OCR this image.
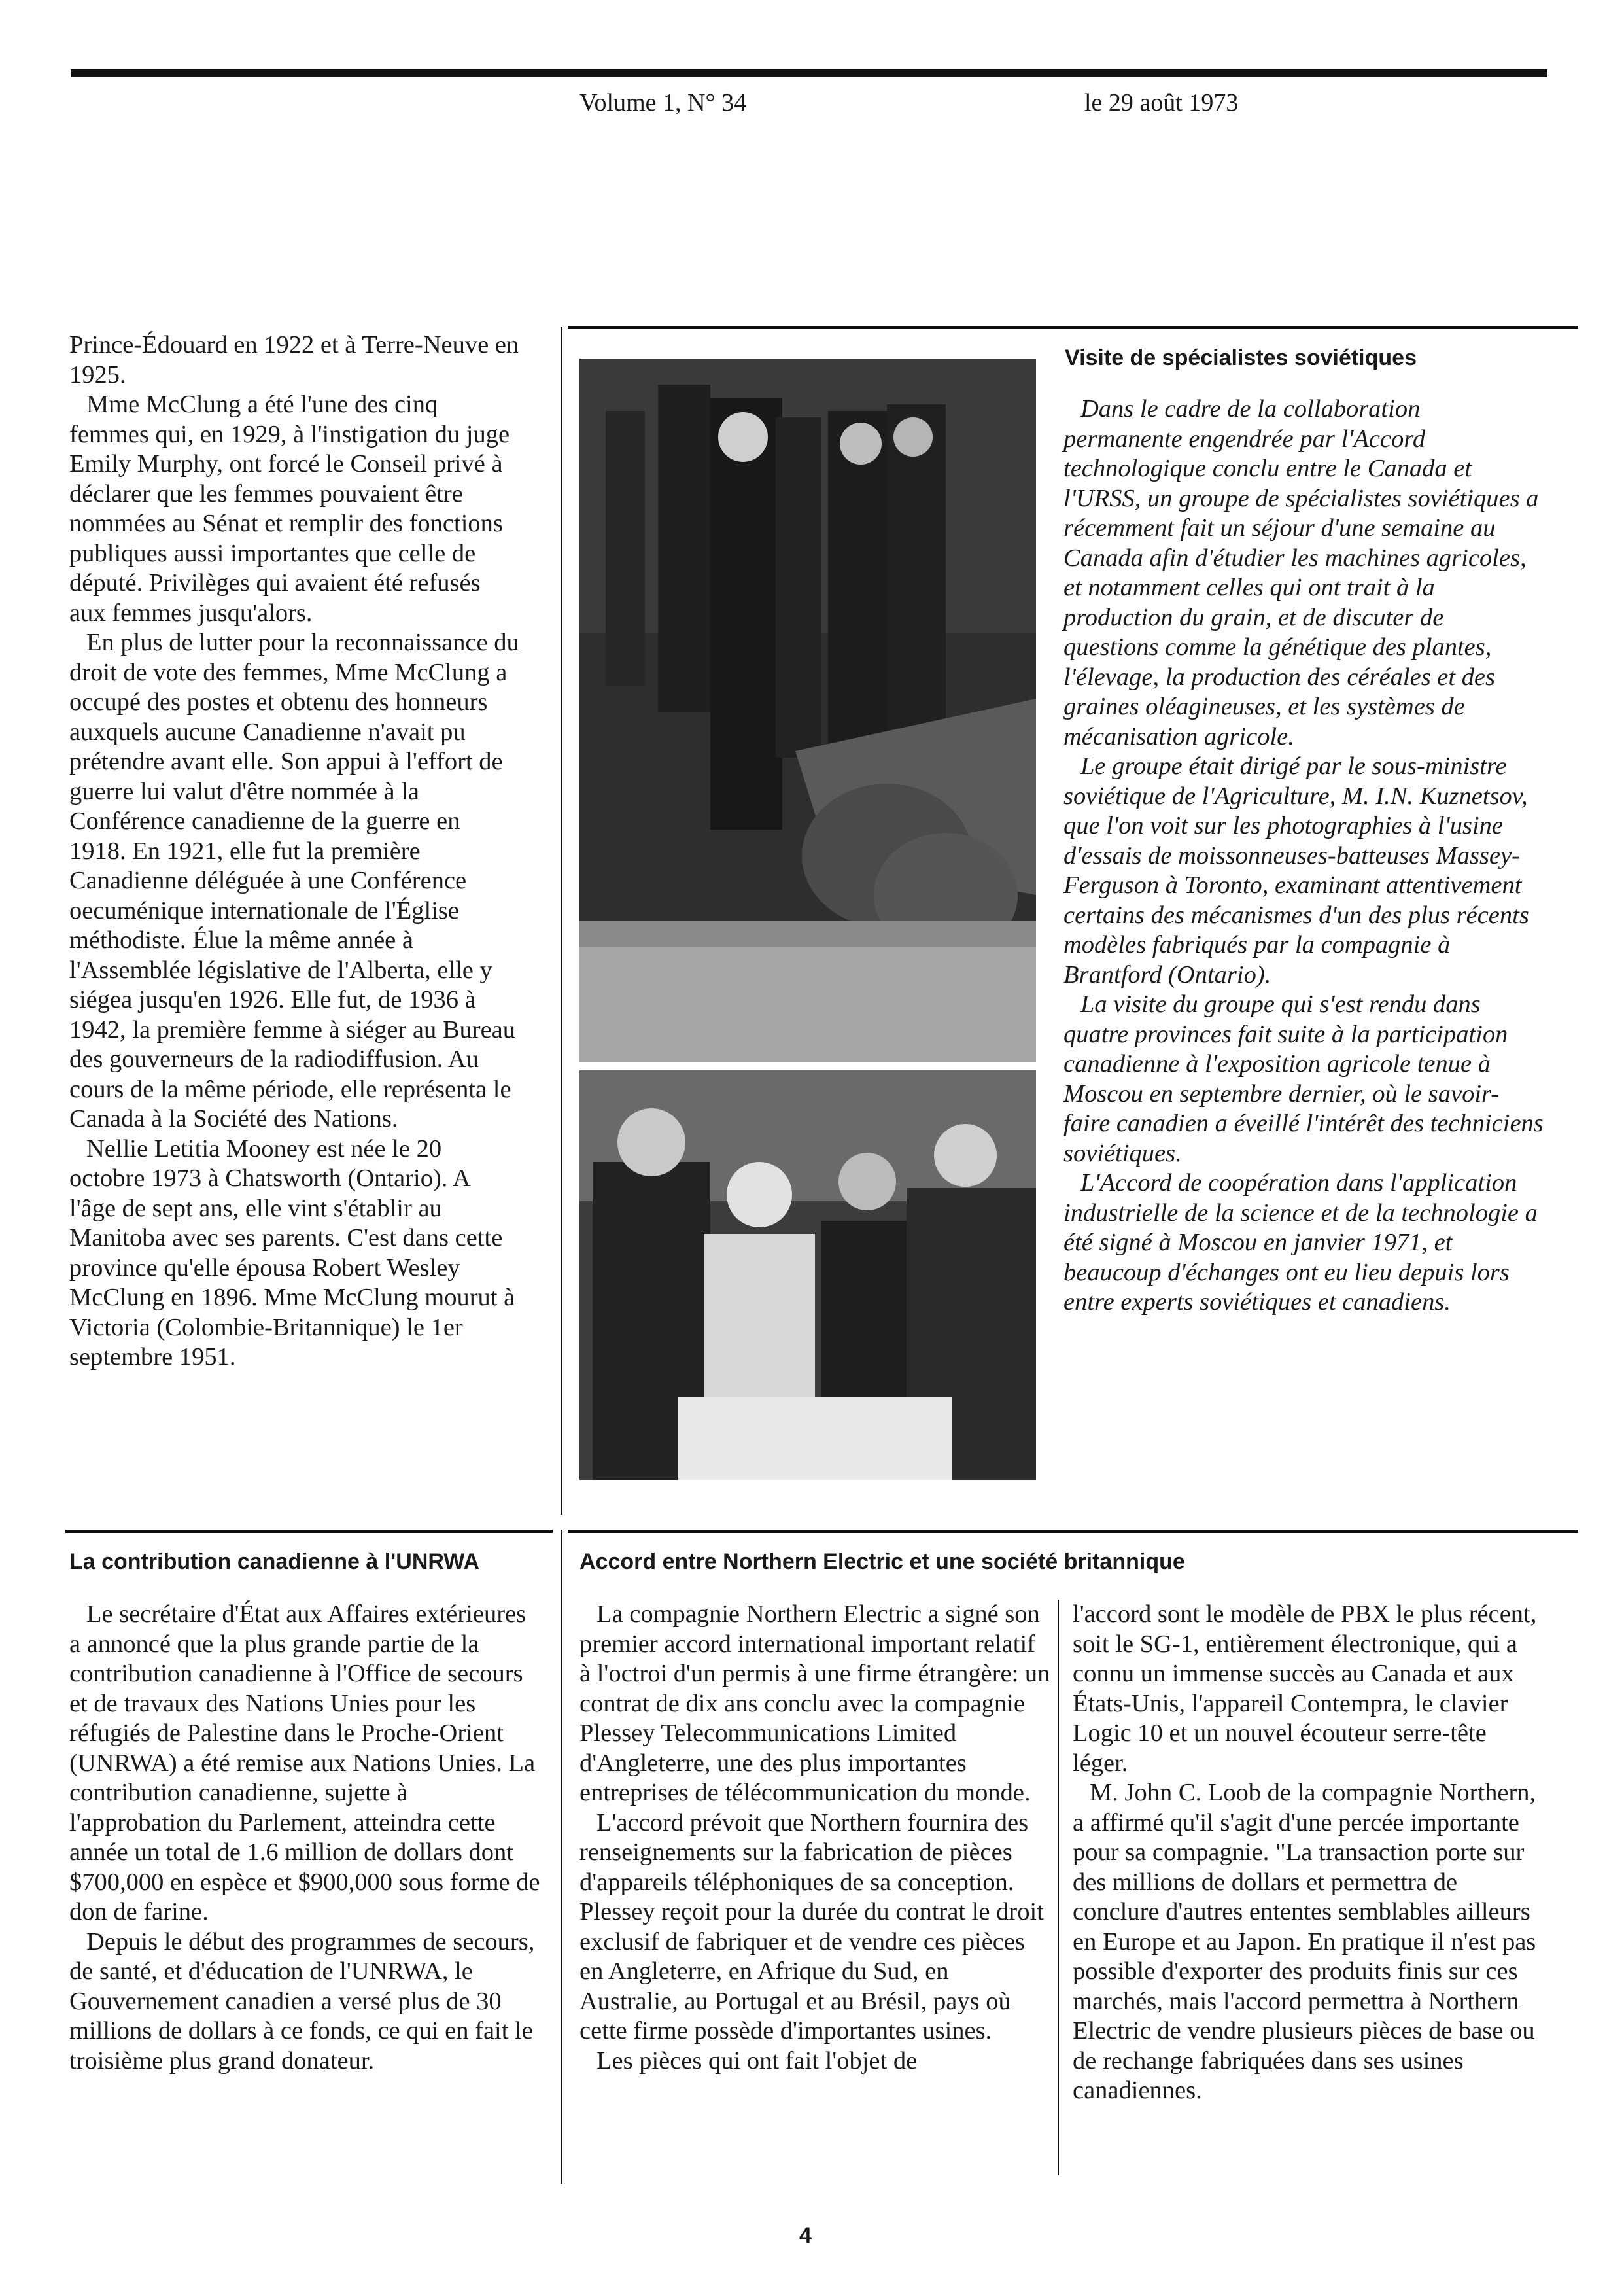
Volume 1, N° 34	le 29 août 1973

Prince-Édouard en 1922 et à Terre-Neuve en 1925.

Mme McClung a été l'une des cinq femmes qui, en 1929, à l'instigation du juge Emily Murphy, ont forcé le Conseil privé à déclarer que les femmes pouvaient être nommées au Sénat et remplir des fonctions publiques aussi importantes que celle de député. Privilèges qui avaient été refusés aux femmes jusqu'alors.

En plus de lutter pour la reconnaissance du droit de vote des femmes, Mme McClung a occupé des postes et obtenu des honneurs auxquels aucune Canadienne n'avait pu prétendre avant elle. Son appui à l'effort de guerre lui valut d'être nommée à la Conférence canadienne de la guerre en 1918. En 1921, elle fut la première Canadienne déléguée à une Conférence oecuménique internationale de l'Église méthodiste. Élue la même année à l'Assemblée législative de l'Alberta, elle y siégea jusqu'en 1926. Elle fut, de 1936 à 1942, la première femme à siéger au Bureau des gouverneurs de la radiodiffusion. Au cours de la même période, elle représenta le Canada à la Société des Nations.

Nellie Letitia Mooney est née le 20 octobre 1973 à Chatsworth (Ontario). A l'âge de sept ans, elle vint s'établir au Manitoba avec ses parents. C'est dans cette province qu'elle épousa Robert Wesley McClung en 1896. Mme McClung mourut à Victoria (Colombie-Britannique) le 1er septembre 1951.

Visite de spécialistes soviétiques

Dans le cadre de la collaboration permanente engendrée par l'Accord technologique conclu entre le Canada et l'URSS, un groupe de spécialistes soviétiques a récemment fait un séjour d'une semaine au Canada afin d'étudier les machines agricoles, et notamment celles qui ont trait à la production du grain, et de discuter de questions comme la génétique des plantes, l'élevage, la production des céréales et des graines oléagineuses, et les systèmes de mécanisation agricole.

Le groupe était dirigé par le sous-ministre soviétique de l'Agriculture, M. I.N. Kuznetsov, que l'on voit sur les photographies à l'usine d'essais de moissonneuses-batteuses Massey-Ferguson à Toronto, examinant attentivement certains des mécanismes d'un des plus récents modèles fabriqués par la compagnie à Brantford (Ontario).

La visite du groupe qui s'est rendu dans quatre provinces fait suite à la participation canadienne à l'exposition agricole tenue à Moscou en septembre dernier, où le savoir-faire canadien a éveillé l'intérêt des techniciens soviétiques.

L'Accord de coopération dans l'application industrielle de la science et de la technologie a été signé à Moscou en janvier 1971, et beaucoup d'échanges ont eu lieu depuis lors entre experts soviétiques et canadiens.

La contribution canadienne à l'UNRWA

Le secrétaire d'État aux Affaires extérieures a annoncé que la plus grande partie de la contribution canadienne à l'Office de secours et de travaux des Nations Unies pour les réfugiés de Palestine dans le Proche-Orient (UNRWA) a été remise aux Nations Unies. La contribution canadienne, sujette à l'approbation du Parlement, atteindra cette année un total de 1.6 million de dollars dont $700,000 en espèce et $900,000 sous forme de don de farine.

Depuis le début des programmes de secours, de santé, et d'éducation de l'UNRWA, le Gouvernement canadien a versé plus de 30 millions de dollars à ce fonds, ce qui en fait le troisième plus grand donateur.

Accord entre Northern Electric et une société britannique

La compagnie Northern Electric a signé son premier accord international important relatif à l'octroi d'un permis à une firme étrangère: un contrat de dix ans conclu avec la compagnie Plessey Telecommunications Limited d'Angleterre, une des plus importantes entreprises de télécommunication du monde.

L'accord prévoit que Northern fournira des renseignements sur la fabrication de pièces d'appareils téléphoniques de sa conception. Plessey reçoit pour la durée du contrat le droit exclusif de fabriquer et de vendre ces pièces en Angleterre, en Afrique du Sud, en Australie, au Portugal et au Brésil, pays où cette firme possède d'importantes usines.

Les pièces qui ont fait l'objet de

l'accord sont le modèle de PBX le plus récent, soit le SG-1, entièrement électronique, qui a connu un immense succès au Canada et aux États-Unis, l'appareil Contempra, le clavier Logic 10 et un nouvel écouteur serre-tête léger.

M. John C. Loob de la compagnie Northern, a affirmé qu'il s'agit d'une percée importante pour sa compagnie. "La transaction porte sur des millions de dollars et permettra de conclure d'autres ententes semblables ailleurs en Europe et au Japon. En pratique il n'est pas possible d'exporter des produits finis sur ces marchés, mais l'accord permettra à Northern Electric de vendre plusieurs pièces de base ou de rechange fabriquées dans ses usines canadiennes.

4
